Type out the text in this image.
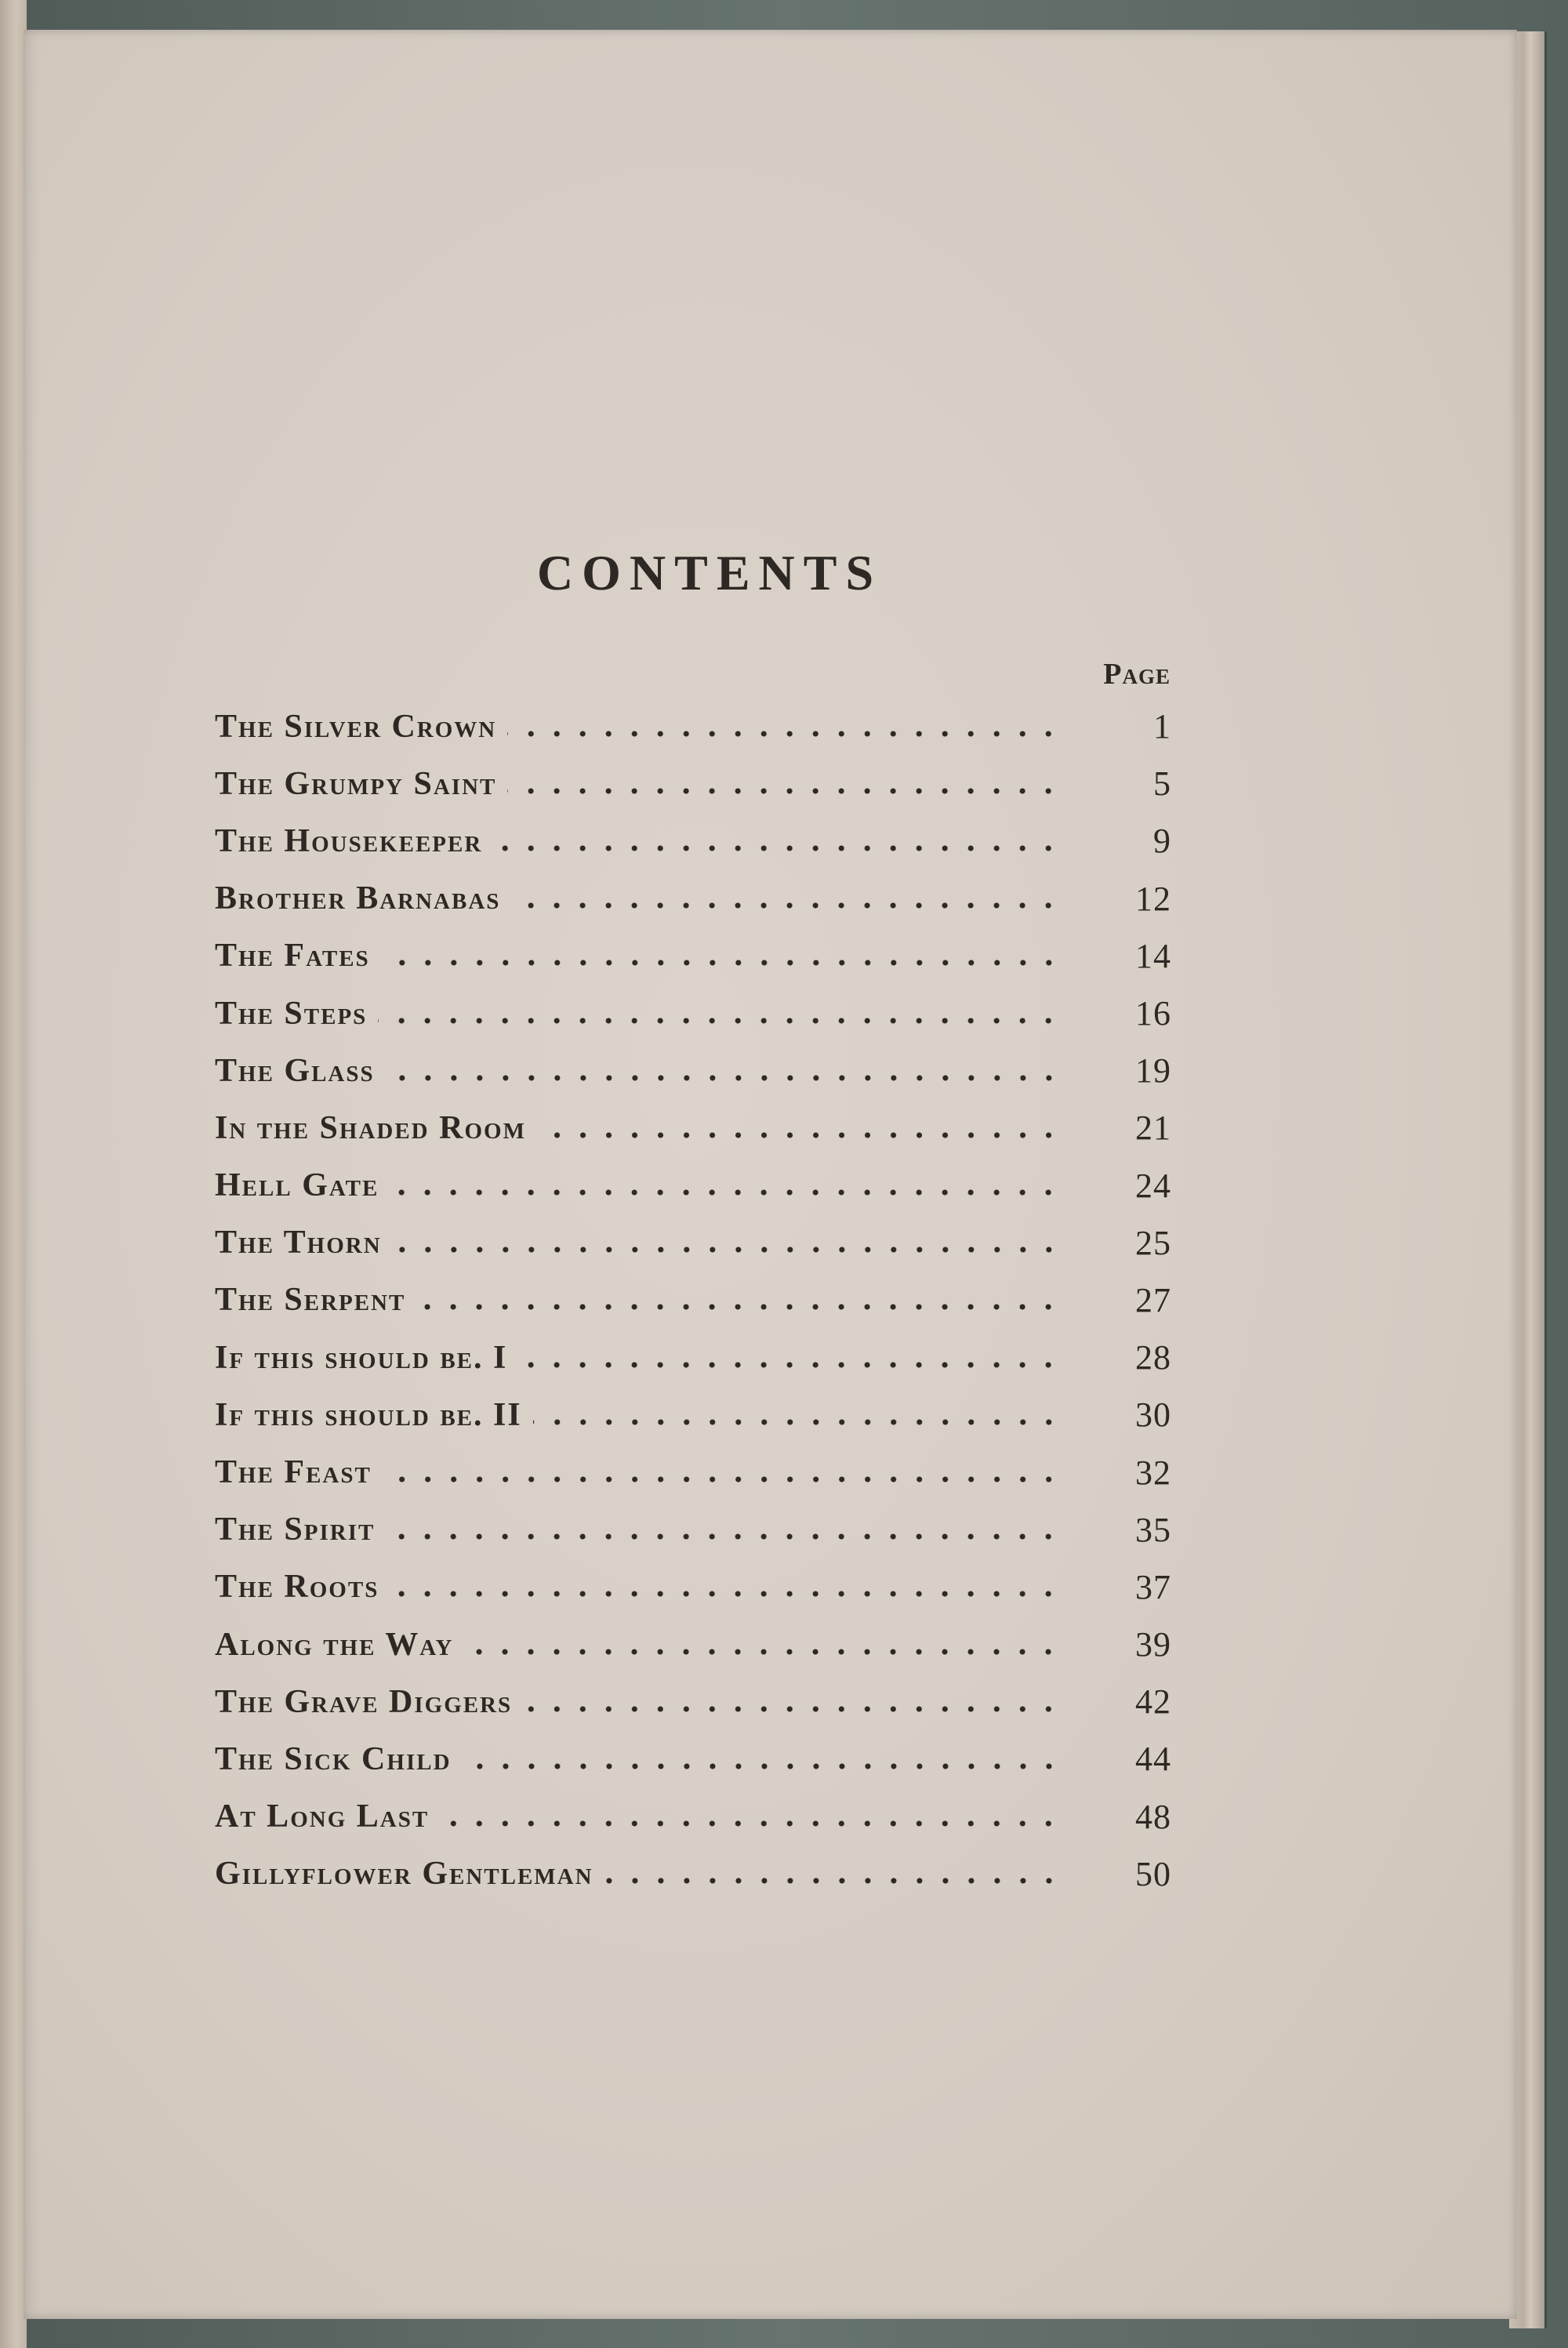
CONTENTS
Page
The Silver Crown	1
The Grumpy Saint	5
The Housekeeper	9
Brother Barnabas	12
The Fates	14
The Steps	16
The Glass	19
In the Shaded Room	21
Hell Gate	24
The Thorn	25
The Serpent	27
If this should be. I	28
If this should be. II	30
The Feast	32
The Spirit	35
The Roots	37
Along the Way	39
The Grave Diggers	42
The Sick Child	44
At Long Last	48
Gillyflower Gentleman	50
